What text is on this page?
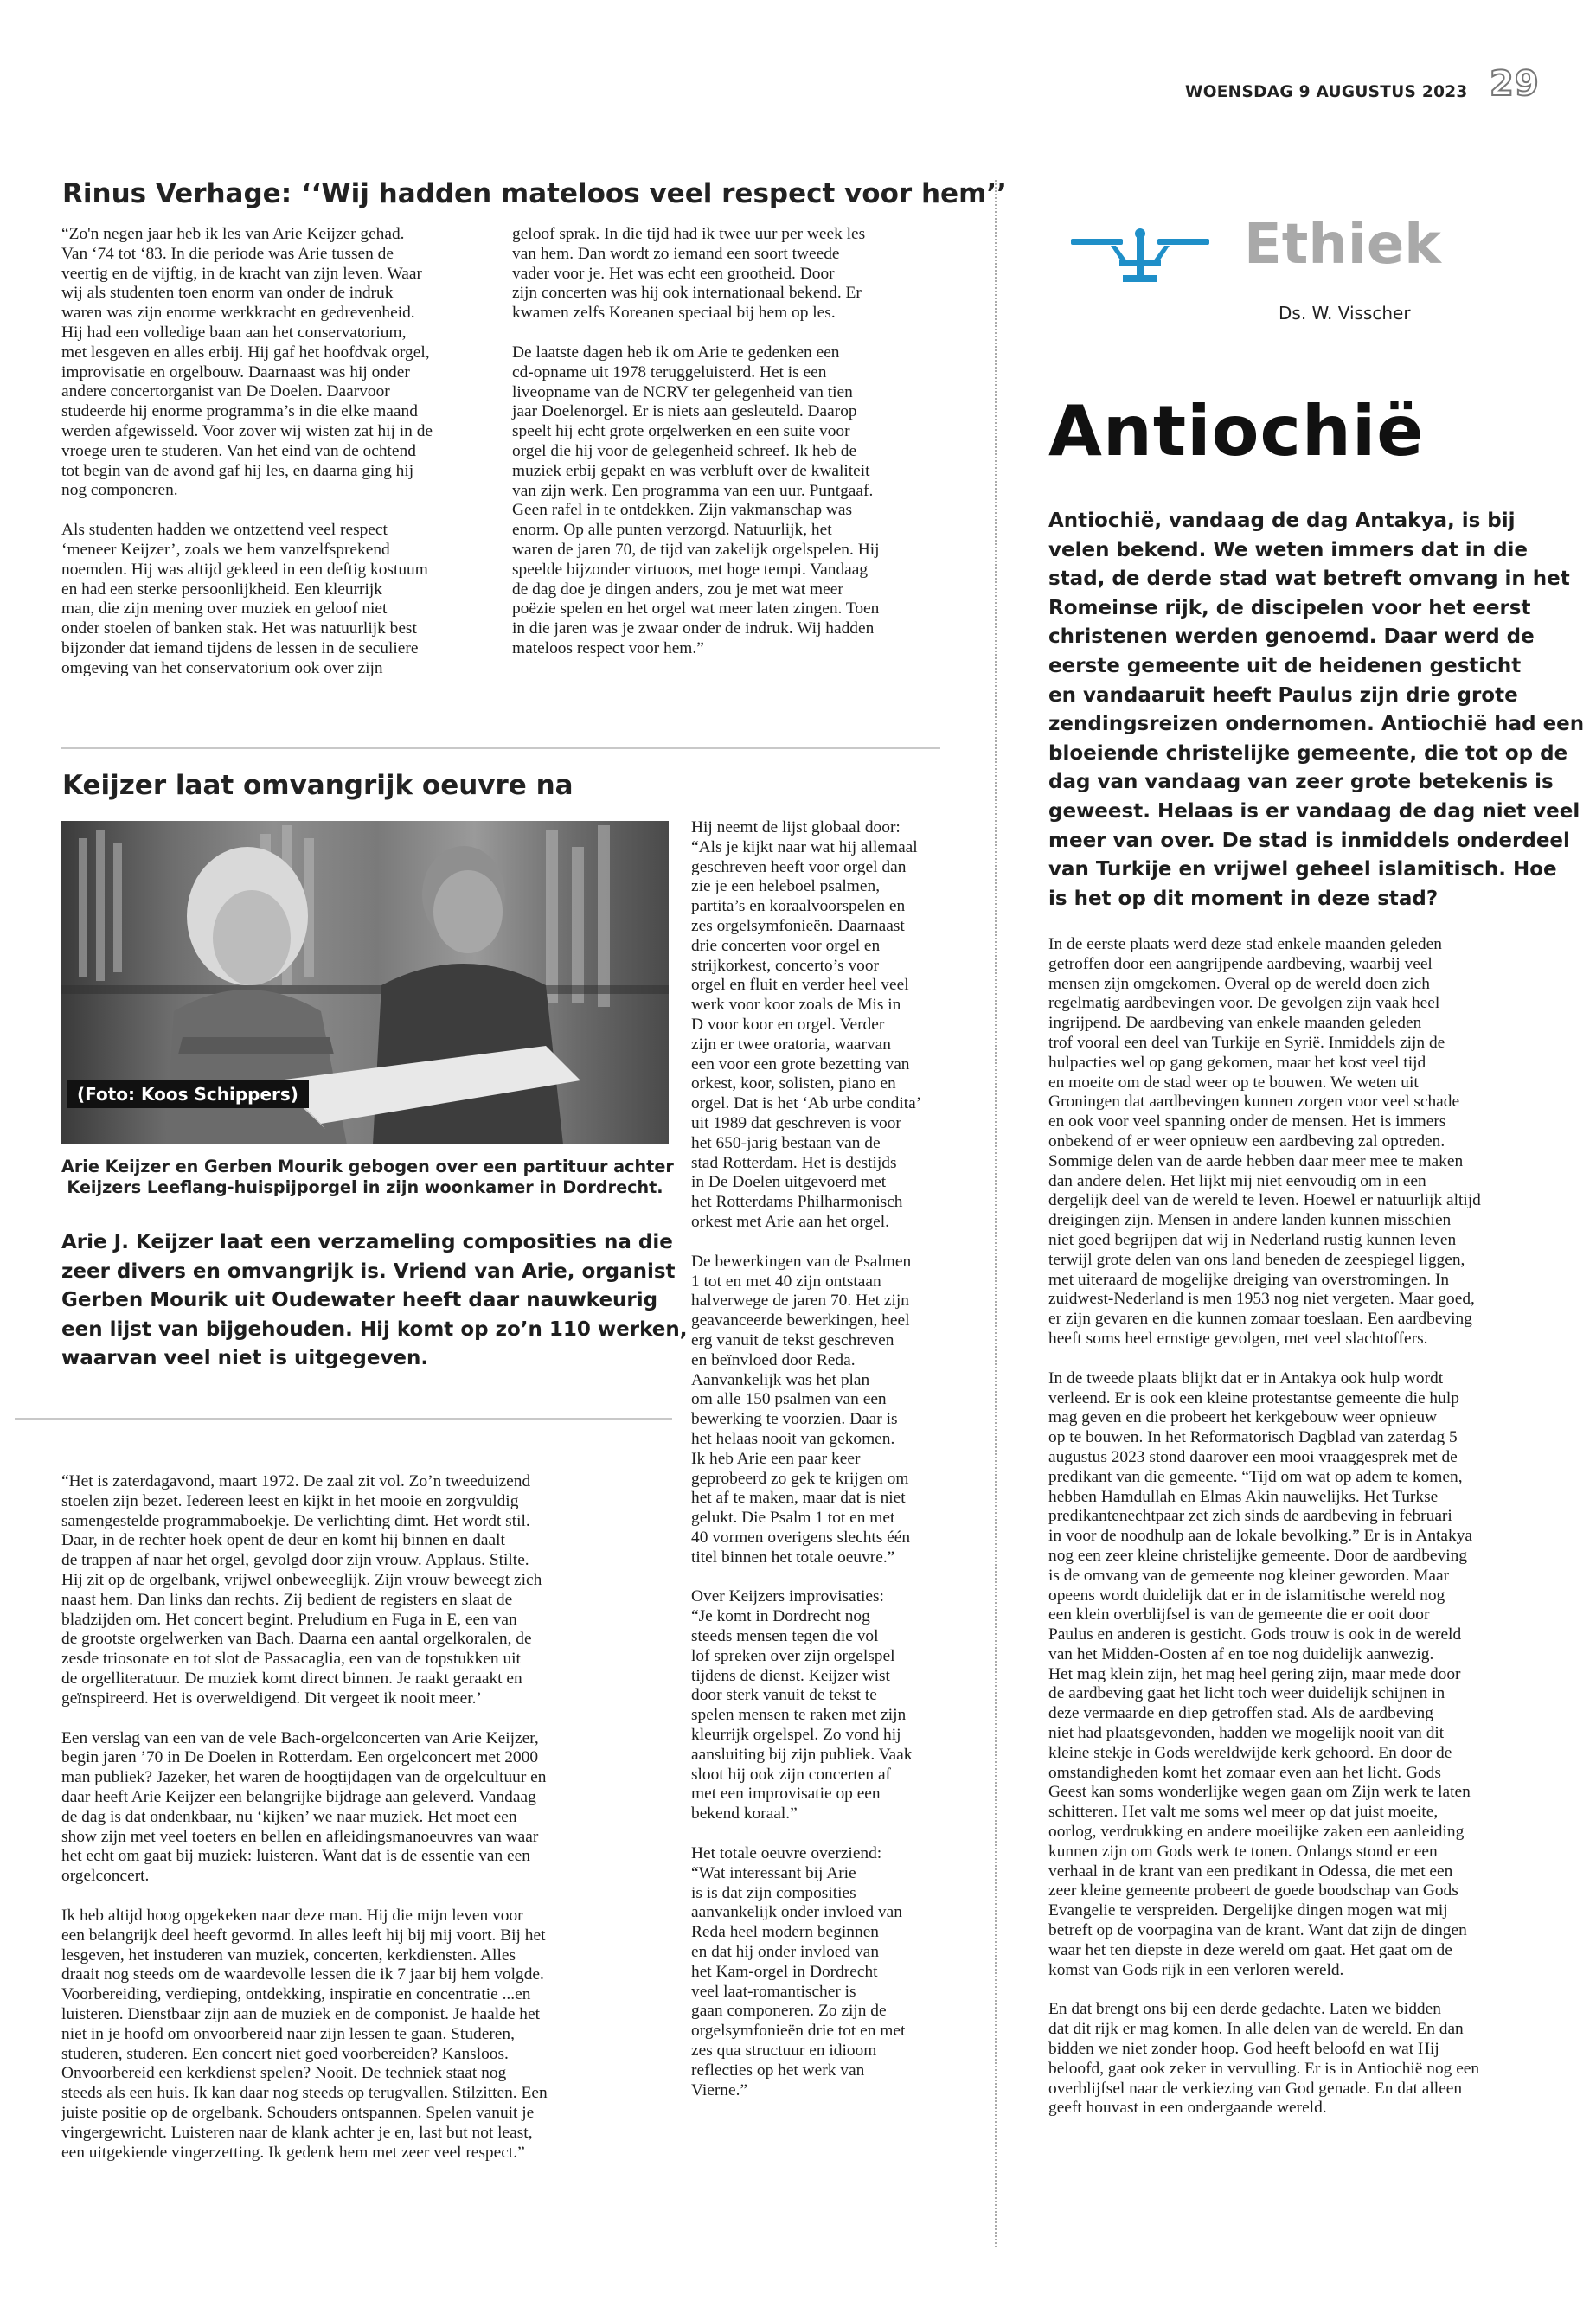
WOENSDAG 9 AUGUSTUS 2023 29
Rinus Verhage: ‘‘Wij hadden mateloos veel respect voor hem’’
“Zo'n negen jaar heb ik les van Arie Keijzer gehad.
Van ‘74 tot ‘83. In die periode was Arie tussen de
veertig en de vijftig, in de kracht van zijn leven. Waar
wij als studenten toen enorm van onder de indruk
waren was zijn enorme werkkracht en gedrevenheid.
Hij had een volledige baan aan het conservatorium,
met lesgeven en alles erbij. Hij gaf het hoofdvak orgel,
improvisatie en orgelbouw. Daarnaast was hij onder
andere concertorganist van De Doelen. Daarvoor
studeerde hij enorme programma’s in die elke maand
werden afgewisseld. Voor zover wij wisten zat hij in de
vroege uren te studeren. Van het eind van de ochtend
tot begin van de avond gaf hij les, en daarna ging hij
nog componeren.
Als studenten hadden we ontzettend veel respect
‘meneer Keijzer’, zoals we hem vanzelfsprekend
noemden. Hij was altijd gekleed in een deftig kostuum
en had een sterke persoonlijkheid. Een kleurrijk
man, die zijn mening over muziek en geloof niet
onder stoelen of banken stak. Het was natuurlijk best
bijzonder dat iemand tijdens de lessen in de seculiere
omgeving van het conservatorium ook over zijn
geloof sprak. In die tijd had ik twee uur per week les
van hem. Dan wordt zo iemand een soort tweede
vader voor je. Het was echt een grootheid. Door
zijn concerten was hij ook internationaal bekend. Er
kwamen zelfs Koreanen speciaal bij hem op les.
De laatste dagen heb ik om Arie te gedenken een
cd-opname uit 1978 teruggeluisterd. Het is een
liveopname van de NCRV ter gelegenheid van tien
jaar Doelenorgel. Er is niets aan gesleuteld. Daarop
speelt hij echt grote orgelwerken en een suite voor
orgel die hij voor de gelegenheid schreef. Ik heb de
muziek erbij gepakt en was verbluft over de kwaliteit
van zijn werk. Een programma van een uur. Puntgaaf.
Geen rafel in te ontdekken. Zijn vakmanschap was
enorm. Op alle punten verzorgd. Natuurlijk, het
waren de jaren 70, de tijd van zakelijk orgelspelen. Hij
speelde bijzonder virtuoos, met hoge tempi. Vandaag
de dag doe je dingen anders, zou je met wat meer
poëzie spelen en het orgel wat meer laten zingen. Toen
in die jaren was je zwaar onder de indruk. Wij hadden
mateloos respect voor hem.”
Keijzer laat omvangrijk oeuvre na
(Foto: Koos Schippers)
Arie Keijzer en Gerben Mourik gebogen over een partituur achter
Keijzers Leeflang-huispijporgel in zijn woonkamer in Dordrecht.
Arie J. Keijzer laat een verzameling composities na die
zeer divers en omvangrijk is. Vriend van Arie, organist
Gerben Mourik uit Oudewater heeft daar nauwkeurig
een lijst van bijgehouden. Hij komt op zo’n 110 werken,
waarvan veel niet is uitgegeven.
Hij neemt de lijst globaal door:
“Als je kijkt naar wat hij allemaal
geschreven heeft voor orgel dan
zie je een heleboel psalmen,
partita’s en koraalvoorspelen en
zes orgelsymfonieën. Daarnaast
drie concerten voor orgel en
strijkorkest, concerto’s voor
orgel en fluit en verder heel veel
werk voor koor zoals de Mis in
D voor koor en orgel. Verder
zijn er twee oratoria, waarvan
een voor een grote bezetting van
orkest, koor, solisten, piano en
orgel. Dat is het ‘Ab urbe condita’
uit 1989 dat geschreven is voor
het 650-jarig bestaan van de
stad Rotterdam. Het is destijds
in De Doelen uitgevoerd met
het Rotterdams Philharmonisch
orkest met Arie aan het orgel.
De bewerkingen van de Psalmen
1 tot en met 40 zijn ontstaan
halverwege de jaren 70. Het zijn
geavanceerde bewerkingen, heel
erg vanuit de tekst geschreven
en beïnvloed door Reda.
Aanvankelijk was het plan
om alle 150 psalmen van een
bewerking te voorzien. Daar is
het helaas nooit van gekomen.
Ik heb Arie een paar keer
geprobeerd zo gek te krijgen om
het af te maken, maar dat is niet
gelukt. Die Psalm 1 tot en met
40 vormen overigens slechts één
titel binnen het totale oeuvre.”
Over Keijzers improvisaties:
“Je komt in Dordrecht nog
steeds mensen tegen die vol
lof spreken over zijn orgelspel
tijdens de dienst. Keijzer wist
door sterk vanuit de tekst te
spelen mensen te raken met zijn
kleurrijk orgelspel. Zo vond hij
aansluiting bij zijn publiek. Vaak
sloot hij ook zijn concerten af
met een improvisatie op een
bekend koraal.”
Het totale oeuvre overziend:
“Wat interessant bij Arie
is is dat zijn composities
aanvankelijk onder invloed van
Reda heel modern beginnen
en dat hij onder invloed van
het Kam-orgel in Dordrecht
veel laat-romantischer is
gaan componeren. Zo zijn de
orgelsymfonieën drie tot en met
zes qua structuur en idioom
reflecties op het werk van
Vierne.”
“Het is zaterdagavond, maart 1972. De zaal zit vol. Zo’n tweeduizend
stoelen zijn bezet. Iedereen leest en kijkt in het mooie en zorgvuldig
samengestelde programmaboekje. De verlichting dimt. Het wordt stil.
Daar, in de rechter hoek opent de deur en komt hij binnen en daalt
de trappen af naar het orgel, gevolgd door zijn vrouw. Applaus. Stilte.
Hij zit op de orgelbank, vrijwel onbeweeglijk. Zijn vrouw beweegt zich
naast hem. Dan links dan rechts. Zij bedient de registers en slaat de
bladzijden om. Het concert begint. Preludium en Fuga in E, een van
de grootste orgelwerken van Bach. Daarna een aantal orgelkoralen, de
zesde triosonate en tot slot de Passacaglia, een van de topstukken uit
de orgelliteratuur. De muziek komt direct binnen. Je raakt geraakt en
geïnspireerd. Het is overweldigend. Dit vergeet ik nooit meer.’
Een verslag van een van de vele Bach-orgelconcerten van Arie Keijzer,
begin jaren ’70 in De Doelen in Rotterdam. Een orgelconcert met 2000
man publiek? Jazeker, het waren de hoogtijdagen van de orgelcultuur en
daar heeft Arie Keijzer een belangrijke bijdrage aan geleverd. Vandaag
de dag is dat ondenkbaar, nu ‘kijken’ we naar muziek. Het moet een
show zijn met veel toeters en bellen en afleidingsmanoeuvres van waar
het echt om gaat bij muziek: luisteren. Want dat is de essentie van een
orgelconcert.
Ik heb altijd hoog opgekeken naar deze man. Hij die mijn leven voor
een belangrijk deel heeft gevormd. In alles leeft hij bij mij voort. Bij het
lesgeven, het instuderen van muziek, concerten, kerkdiensten. Alles
draait nog steeds om de waardevolle lessen die ik 7 jaar bij hem volgde.
Voorbereiding, verdieping, ontdekking, inspiratie en concentratie ...en
luisteren. Dienstbaar zijn aan de muziek en de componist. Je haalde het
niet in je hoofd om onvoorbereid naar zijn lessen te gaan. Studeren,
studeren, studeren. Een concert niet goed voorbereiden? Kansloos.
Onvoorbereid een kerkdienst spelen? Nooit. De techniek staat nog
steeds als een huis. Ik kan daar nog steeds op terugvallen. Stilzitten. Een
juiste positie op de orgelbank. Schouders ontspannen. Spelen vanuit je
vingergewricht. Luisteren naar de klank achter je en, last but not least,
een uitgekiende vingerzetting. Ik gedenk hem met zeer veel respect.”
Ethiek
Ds. W. Visscher
Antiochië
Antiochië, vandaag de dag Antakya, is bij
velen bekend. We weten immers dat in die
stad, de derde stad wat betreft omvang in het
Romeinse rijk, de discipelen voor het eerst
christenen werden genoemd. Daar werd de
eerste gemeente uit de heidenen gesticht
en vandaaruit heeft Paulus zijn drie grote
zendingsreizen ondernomen. Antiochië had een
bloeiende christelijke gemeente, die tot op de
dag van vandaag van zeer grote betekenis is
geweest. Helaas is er vandaag de dag niet veel
meer van over. De stad is inmiddels onderdeel
van Turkije en vrijwel geheel islamitisch. Hoe
is het op dit moment in deze stad?
In de eerste plaats werd deze stad enkele maanden geleden
getroffen door een aangrijpende aardbeving, waarbij veel
mensen zijn omgekomen. Overal op de wereld doen zich
regelmatig aardbevingen voor. De gevolgen zijn vaak heel
ingrijpend. De aardbeving van enkele maanden geleden
trof vooral een deel van Turkije en Syrië. Inmiddels zijn de
hulpacties wel op gang gekomen, maar het kost veel tijd
en moeite om de stad weer op te bouwen. We weten uit
Groningen dat aardbevingen kunnen zorgen voor veel schade
en ook voor veel spanning onder de mensen. Het is immers
onbekend of er weer opnieuw een aardbeving zal optreden.
Sommige delen van de aarde hebben daar meer mee te maken
dan andere delen. Het lijkt mij niet eenvoudig om in een
dergelijk deel van de wereld te leven. Hoewel er natuurlijk altijd
dreigingen zijn. Mensen in andere landen kunnen misschien
niet goed begrijpen dat wij in Nederland rustig kunnen leven
terwijl grote delen van ons land beneden de zeespiegel liggen,
met uiteraard de mogelijke dreiging van overstromingen. In
zuidwest-Nederland is men 1953 nog niet vergeten. Maar goed,
er zijn gevaren en die kunnen zomaar toeslaan. Een aardbeving
heeft soms heel ernstige gevolgen, met veel slachtoffers.
In de tweede plaats blijkt dat er in Antakya ook hulp wordt
verleend. Er is ook een kleine protestantse gemeente die hulp
mag geven en die probeert het kerkgebouw weer opnieuw
op te bouwen. In het Reformatorisch Dagblad van zaterdag 5
augustus 2023 stond daarover een mooi vraaggesprek met de
predikant van die gemeente. “Tijd om wat op adem te komen,
hebben Hamdullah en Elmas Akin nauwelijks. Het Turkse
predikantenechtpaar zet zich sinds de aardbeving in februari
in voor de noodhulp aan de lokale bevolking.” Er is in Antakya
nog een zeer kleine christelijke gemeente. Door de aardbeving
is de omvang van de gemeente nog kleiner geworden. Maar
opeens wordt duidelijk dat er in de islamitische wereld nog
een klein overblijfsel is van de gemeente die er ooit door
Paulus en anderen is gesticht. Gods trouw is ook in de wereld
van het Midden-Oosten af en toe nog duidelijk aanwezig.
Het mag klein zijn, het mag heel gering zijn, maar mede door
de aardbeving gaat het licht toch weer duidelijk schijnen in
deze vermaarde en diep getroffen stad. Als de aardbeving
niet had plaatsgevonden, hadden we mogelijk nooit van dit
kleine stekje in Gods wereldwijde kerk gehoord. En door de
omstandigheden komt het zomaar even aan het licht. Gods
Geest kan soms wonderlijke wegen gaan om Zijn werk te laten
schitteren. Het valt me soms wel meer op dat juist moeite,
oorlog, verdrukking en andere moeilijke zaken een aanleiding
kunnen zijn om Gods werk te tonen. Onlangs stond er een
verhaal in de krant van een predikant in Odessa, die met een
zeer kleine gemeente probeert de goede boodschap van Gods
Evangelie te verspreiden. Dergelijke dingen mogen wat mij
betreft op de voorpagina van de krant. Want dat zijn de dingen
waar het ten diepste in deze wereld om gaat. Het gaat om de
komst van Gods rijk in een verloren wereld.
En dat brengt ons bij een derde gedachte. Laten we bidden
dat dit rijk er mag komen. In alle delen van de wereld. En dan
bidden we niet zonder hoop. God heeft beloofd en wat Hij
beloofd, gaat ook zeker in vervulling. Er is in Antiochië nog een
overblijfsel naar de verkiezing van God genade. En dat alleen
geeft houvast in een ondergaande wereld.
